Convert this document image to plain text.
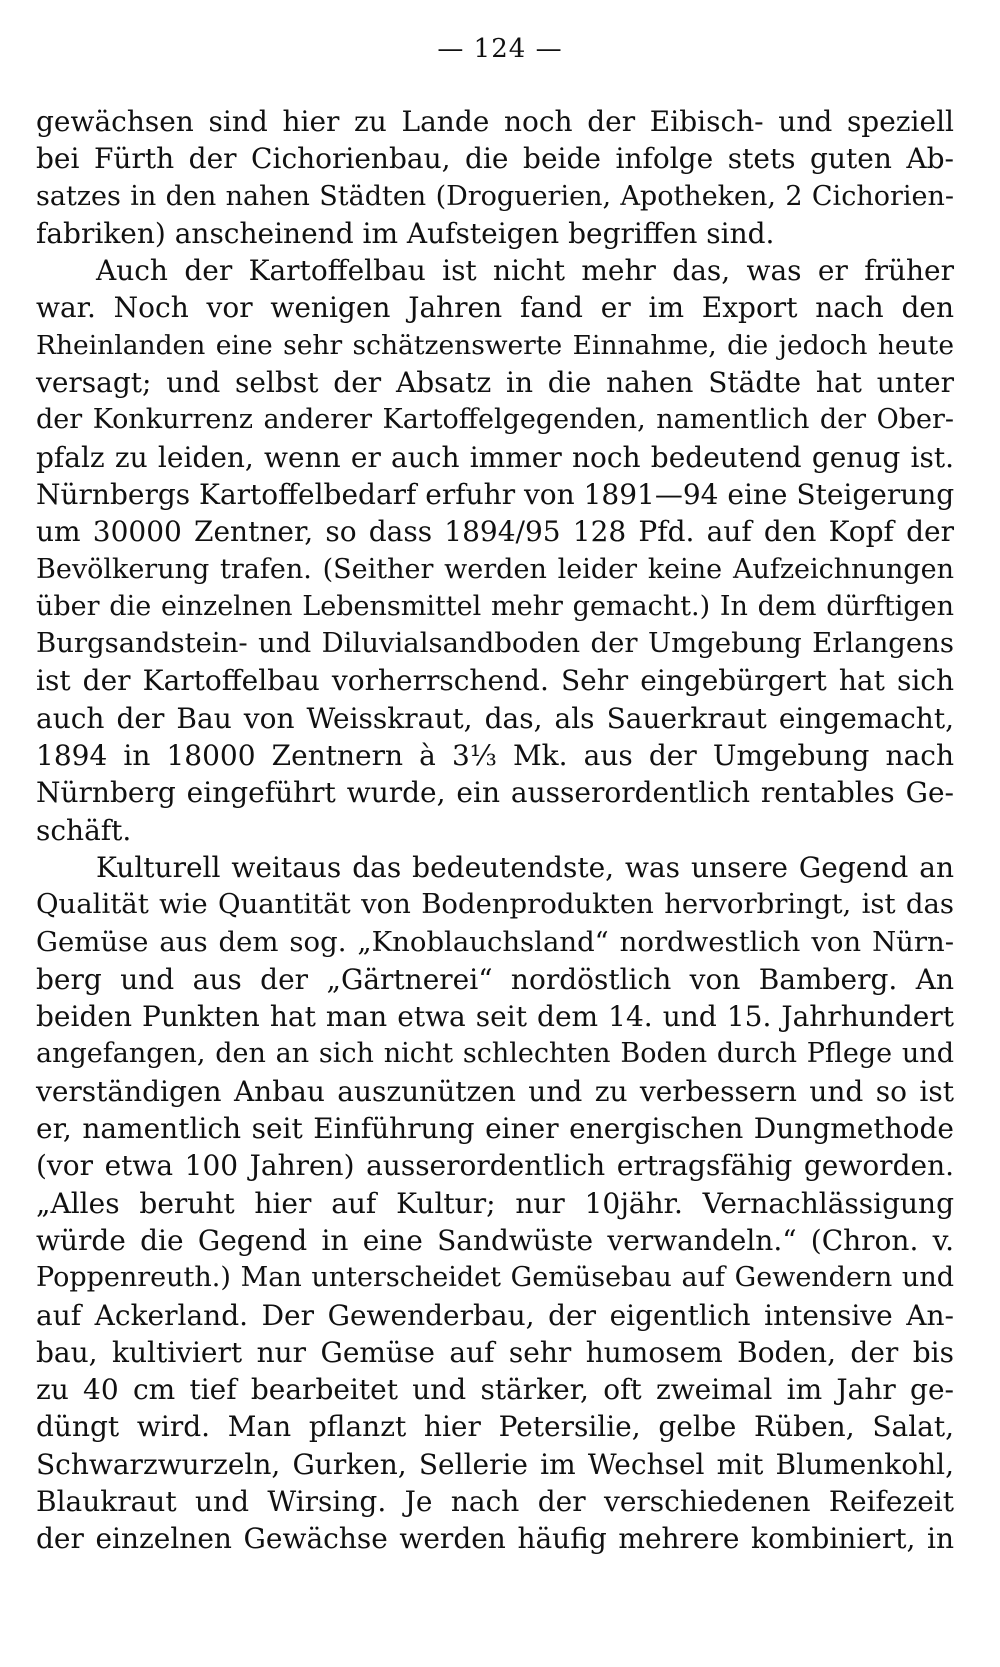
— 124 —
gewächsen sind hier zu Lande noch der Eibisch- und speziell
bei Fürth der Cichorienbau, die beide infolge stets guten Ab-
satzes in den nahen Städten (Droguerien, Apotheken, 2 Cichorien-
fabriken) anscheinend im Aufsteigen begriffen sind.
Auch der Kartoffelbau ist nicht mehr das, was er früher
war. Noch vor wenigen Jahren fand er im Export nach den
Rheinlanden eine sehr schätzenswerte Einnahme, die jedoch heute
versagt; und selbst der Absatz in die nahen Städte hat unter
der Konkurrenz anderer Kartoffelgegenden, namentlich der Ober-
pfalz zu leiden, wenn er auch immer noch bedeutend genug ist.
Nürnbergs Kartoffelbedarf erfuhr von 1891—94 eine Steigerung
um 30000 Zentner, so dass 1894/95 128 Pfd. auf den Kopf der
Bevölkerung trafen. (Seither werden leider keine Aufzeichnungen
über die einzelnen Lebensmittel mehr gemacht.) In dem dürftigen
Burgsandstein- und Diluvialsandboden der Umgebung Erlangens
ist der Kartoffelbau vorherrschend. Sehr eingebürgert hat sich
auch der Bau von Weisskraut, das, als Sauerkraut eingemacht,
1894 in 18000 Zentnern à 3⅓ Mk. aus der Umgebung nach
Nürnberg eingeführt wurde, ein ausserordentlich rentables Ge-
schäft.
Kulturell weitaus das bedeutendste, was unsere Gegend an
Qualität wie Quantität von Bodenprodukten hervorbringt, ist das
Gemüse aus dem sog. „Knoblauchsland“ nordwestlich von Nürn-
berg und aus der „Gärtnerei“ nordöstlich von Bamberg. An
beiden Punkten hat man etwa seit dem 14. und 15. Jahrhundert
angefangen, den an sich nicht schlechten Boden durch Pflege und
verständigen Anbau auszunützen und zu verbessern und so ist
er, namentlich seit Einführung einer energischen Dungmethode
(vor etwa 100 Jahren) ausserordentlich ertragsfähig geworden.
„Alles beruht hier auf Kultur; nur 10jähr. Vernachlässigung
würde die Gegend in eine Sandwüste verwandeln.“ (Chron. v.
Poppenreuth.) Man unterscheidet Gemüsebau auf Gewendern und
auf Ackerland. Der Gewenderbau, der eigentlich intensive An-
bau, kultiviert nur Gemüse auf sehr humosem Boden, der bis
zu 40 cm tief bearbeitet und stärker, oft zweimal im Jahr ge-
düngt wird. Man pflanzt hier Petersilie, gelbe Rüben, Salat,
Schwarzwurzeln, Gurken, Sellerie im Wechsel mit Blumenkohl,
Blaukraut und Wirsing. Je nach der verschiedenen Reifezeit
der einzelnen Gewächse werden häufig mehrere kombiniert, in
